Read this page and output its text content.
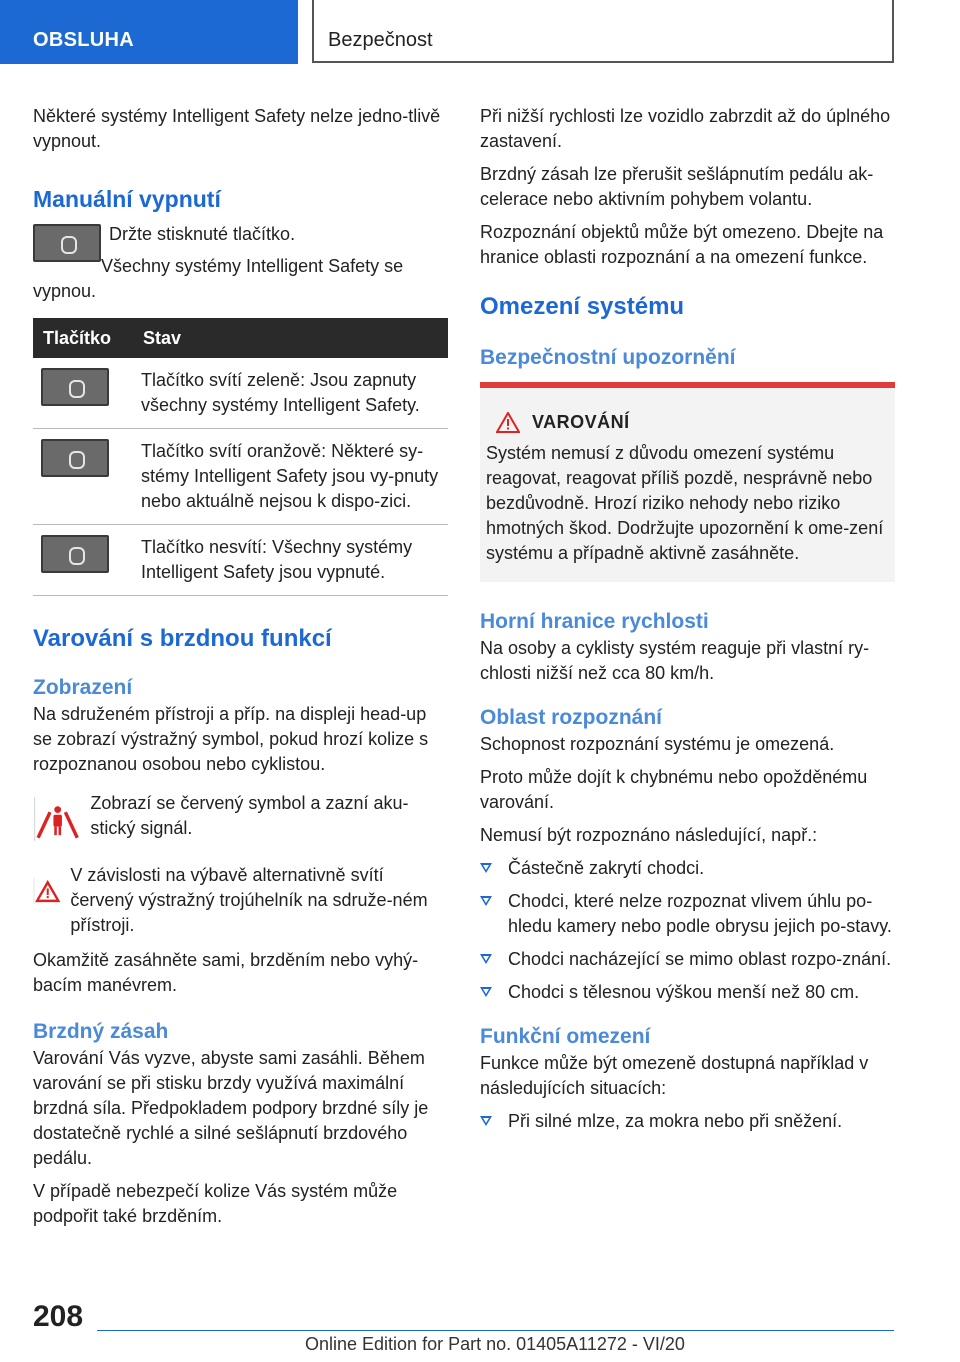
OBSLUHA	Bezpečnost

Některé systémy Intelligent Safety nelze jedno-tlivě vypnout.

Manuální vypnutí

Držte stisknuté tlačítko.

Všechny systémy Intelligent Safety se vypnou.

Tlačítko	Stav
	Tlačítko svítí zeleně: Jsou zapnuty všechny systémy Intelligent Safety.
	Tlačítko svítí oranžově: Některé sy-stémy Intelligent Safety jsou vy-pnuty nebo aktuálně nejsou k dispo-zici.
	Tlačítko nesvítí: Všechny systémy Intelligent Safety jsou vypnuté.
Varování s brzdnou funkcí
Zobrazení

Na sdruženém přístroji a příp. na displeji head-up se zobrazí výstražný symbol, pokud hrozí kolize s rozpoznanou osobou nebo cyklistou.

Zobrazí se červený symbol a zazní aku-stický signál.

V závislosti na výbavě alternativně svítí červený výstražný trojúhelník na sdruže-ném přístroji.

Okamžitě zasáhněte sami, brzděním nebo vyhý-bacím manévrem.

Brzdný zásah

Varování Vás vyzve, abyste sami zasáhli. Během varování se při stisku brzdy využívá maximální brzdná síla. Předpokladem podpory brzdné síly je dostatečně rychlé a silné sešlápnutí brzdového pedálu.

V případě nebezpečí kolize Vás systém může podpořit také brzděním.

Při nižší rychlosti lze vozidlo zabrzdit až do úplného zastavení.

Brzdný zásah lze přerušit sešlápnutím pedálu ak-celerace nebo aktivním pohybem volantu.

Rozpoznání objektů může být omezeno. Dbejte na hranice oblasti rozpoznání a na omezení funkce.

Omezení systému
Bezpečnostní upozornění
VAROVÁNÍ
Systém nemusí z důvodu omezení systému reagovat, reagovat příliš pozdě, nesprávně nebo bezdůvodně. Hrozí riziko nehody nebo riziko hmotných škod. Dodržujte upozornění k ome-zení systému a případně aktivně zasáhněte.
Horní hranice rychlosti

Na osoby a cyklisty systém reaguje při vlastní ry-chlosti nižší než cca 80 km/h.

Oblast rozpoznání

Schopnost rozpoznání systému je omezená.

Proto může dojít k chybnému nebo opožděnému varování.

Nemusí být rozpoznáno následující, např.:

Částečně zakrytí chodci.
Chodci, které nelze rozpoznat vlivem úhlu po-hledu kamery nebo podle obrysu jejich po-stavy.
Chodci nacházející se mimo oblast rozpo-znání.
Chodci s tělesnou výškou menší než 80 cm.
Funkční omezení

Funkce může být omezeně dostupná například v následujících situacích:

Při silné mlze, za mokra nebo při sněžení.
208
Online Edition for Part no. 01405A11272 - VI/20
